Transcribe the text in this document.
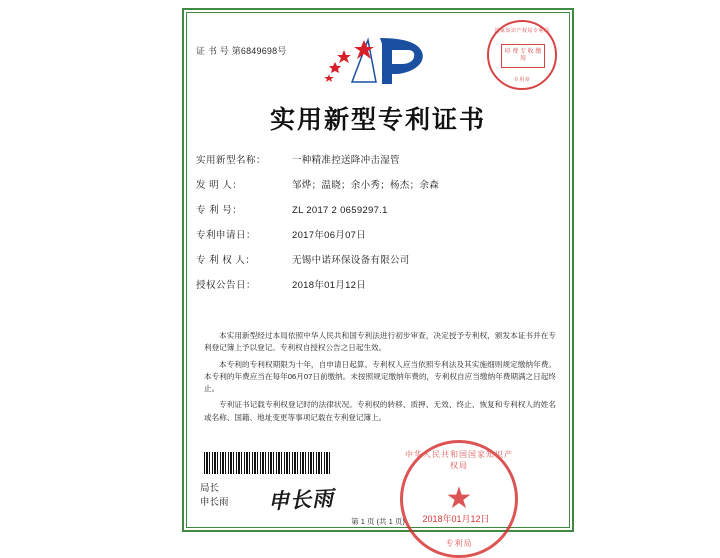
证 书 号 第6849698号
国家知识产权局专利局
印 费 专 收 缴 用
专用章
实用新型专利证书
实用新型名称：	一种精准控送降冲击湿管
发 明 人：	邹烨；温晓；余小秀；杨杰；余森
专 利 号：	ZL 2017 2 0659297.1
专利申请日：	2017年06月07日
专 利 权 人：	无锡中诺环保设备有限公司
授权公告日：	2018年01月12日

本实用新型经过本局依照中华人民共和国专利法进行初步审查，决定授予专利权，颁发本证书并在专利登记簿上予以登记。专利权自授权公告之日起生效。

本专利的专利权期限为十年，自申请日起算。专利权人应当依照专利法及其实施细则规定缴纳年费。本专利的年费应当在每年06月07日前缴纳。未按照规定缴纳年费的，专利权自应当缴纳年费期满之日起终止。

专利证书记载专利权登记时的法律状况。专利权的转移、质押、无效、终止、恢复和专利权人的姓名或名称、国籍、地址变更等事项记载在专利登记簿上。

局长
申长雨 申长雨
中华人民共和国国家知识产权局
★
专利局
2018年01月12日
第 1 页 (共 1 页)
